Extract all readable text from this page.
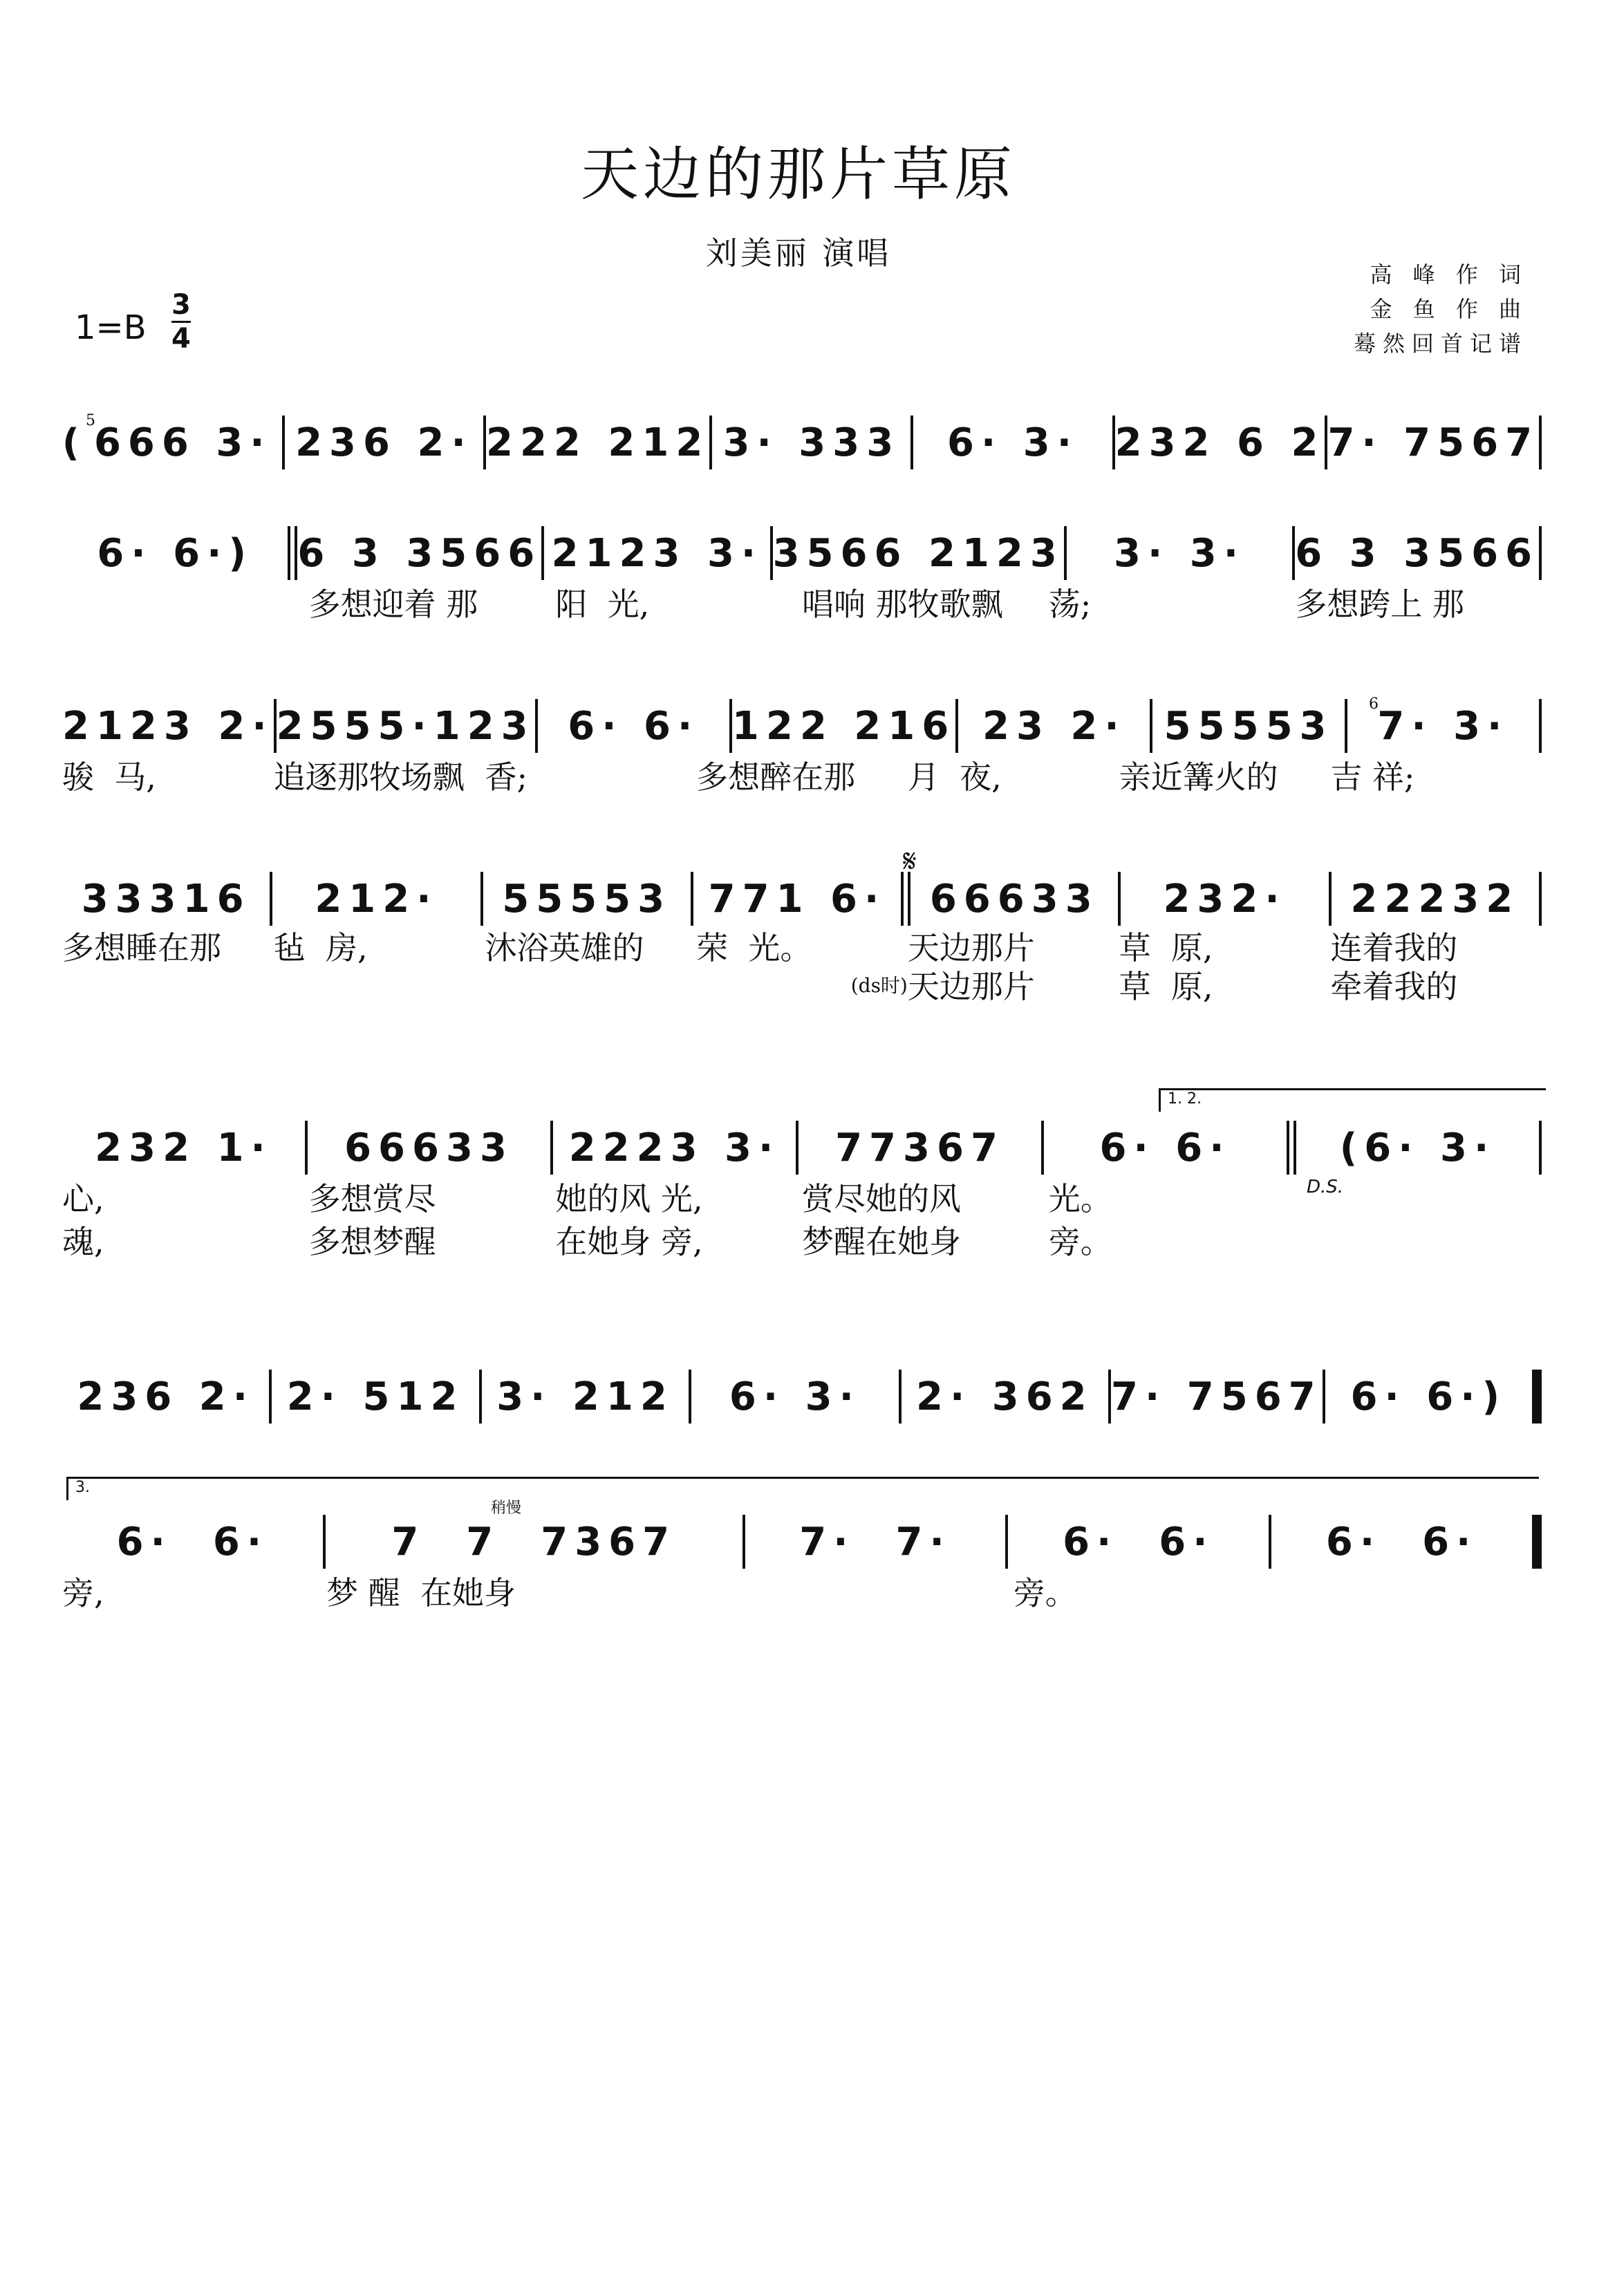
天边的那片草原
刘美丽 演唱
高 峰 作 词
金 鱼 作 曲
蓦然回首记谱
1=B
3
4
5
( 666 3· 236 2· 222 212 3· 333	6· 3· 232 6 2 7· 7567
6· 6·)	6 3 3566 2123 3· 3566 2123	3· 3·	6 3 3566
多想迎着 那	阳  光,	唱响 那牧歌飘	荡;	多想跨上 那
6
2123 2· 2555·123 6· 6· 122 216 23 2· 55553	7· 3·
骏  马,	追逐那牧场飘 香;	多想醉在那	月  夜,	亲近篝火的	吉 祥;
𝄋
33316	212·	55553 771 6·	66633	232·	22232
多想睡在那	毡  房,	沐浴英雄的	荣  光。	天边那片	草  原,	连着我的
(ds时) 天边那片	草  原,	牵着我的
1. 2.
D.S.
232 1·	66633	2223 3·	77367	6· 6·	(6· 3·
心,	多想赏尽	她的风 光,	赏尽她的风	光。
魂,	多想梦醒	在她身 旁,	梦醒在她身	旁。
236 2· 2· 512 3· 212	6· 3·	2· 362 7· 7567 6· 6·)
3.
稍慢
6·  6·	7  7  7367	7·  7·	6·  6·	6·  6·
旁,	梦 醒  在她身	旁。
